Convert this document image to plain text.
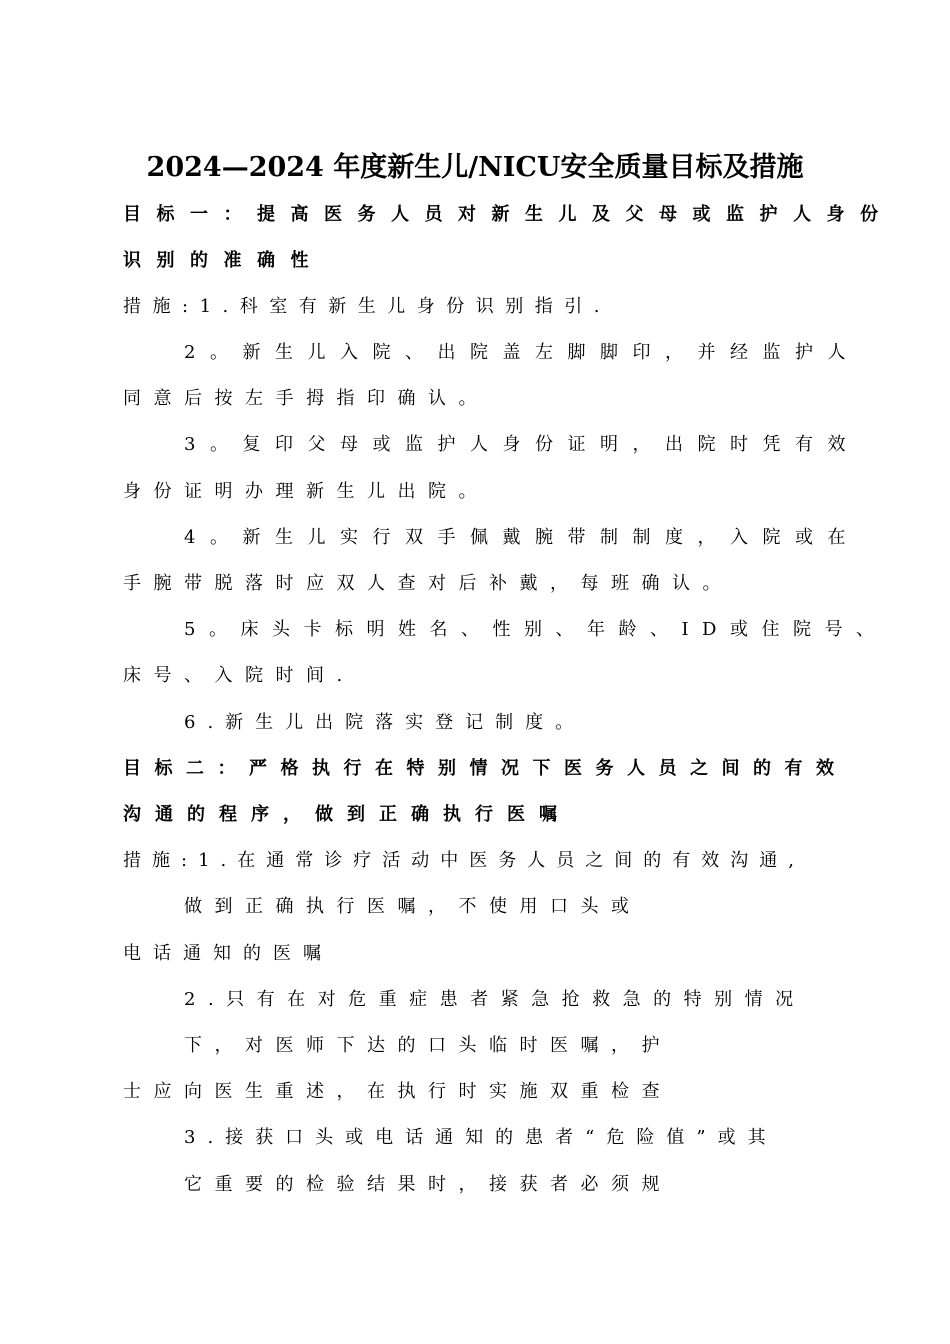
2024—2024 年度新生儿/NICU安全质量目标及措施
目标一：提高医务人员对新生儿及父母或监护人身份
识别的准确性
措施:1.科室有新生儿身份识别指引.
2。新生儿入院、出院盖左脚脚印，并经监护人
同意后按左手拇指印确认。
3。复印父母或监护人身份证明，出院时凭有效
身份证明办理新生儿出院。
4。新生儿实行双手佩戴腕带制制度，入院或在
手腕带脱落时应双人查对后补戴，每班确认。
5。床头卡标明姓名、性别、年龄、ID或住院号、
床号、入院时间.
6.新生儿出院落实登记制度。
目标二：严格执行在特别情况下医务人员之间的有效
沟通的程序，做到正确执行医嘱
措施:1.在通常诊疗活动中医务人员之间的有效沟通,
做到正确执行医嘱，不使用口头或
电话通知的医嘱
2.只有在对危重症患者紧急抢救急的特别情况
下，对医师下达的口头临时医嘱，护
士应向医生重述，在执行时实施双重检查
3.接获口头或电话通知的患者“危险值”或其
它重要的检验结果时，接获者必须规
